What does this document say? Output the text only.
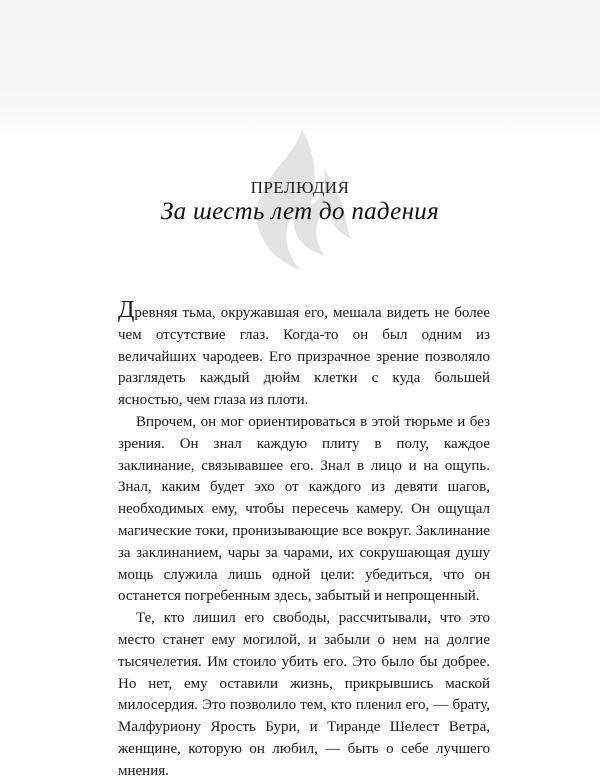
ПРЕЛЮДИЯ
За шесть лет до падения

Древняя тьма, окружавшая его, мешала видеть не более чем отсутствие глаз. Когда-то он был одним из величайших чародеев. Его призрачное зрение позволяло разглядеть каждый дюйм клетки с куда большей ясностью, чем глаза из плоти.

Впрочем, он мог ориентироваться в этой тюрьме и без зрения. Он знал каждую плиту в полу, каждое заклинание, связывавшее его. Знал в лицо и на ощупь. Знал, каким будет эхо от каждого из девяти шагов, необходимых ему, чтобы пересечь камеру. Он ощущал магические токи, пронизывающие все вокруг. Заклинание за заклинанием, чары за чарами, их сокрушающая душу мощь служила лишь одной цели: убедиться, что он останется погребенным здесь, забытый и непрощенный.

Те, кто лишил его свободы, рассчитывали, что это место станет ему могилой, и забыли о нем на долгие тысячелетия. Им стоило убить его. Это было бы добрее. Но нет, ему оставили жизнь, прикрывшись маской милосердия. Это позволило тем, кто пленил его, — брату, Малфуриону Ярость Бури, и Тиранде Шелест Ветра, женщине, которую он любил, — быть о себе лучшего мнения.
